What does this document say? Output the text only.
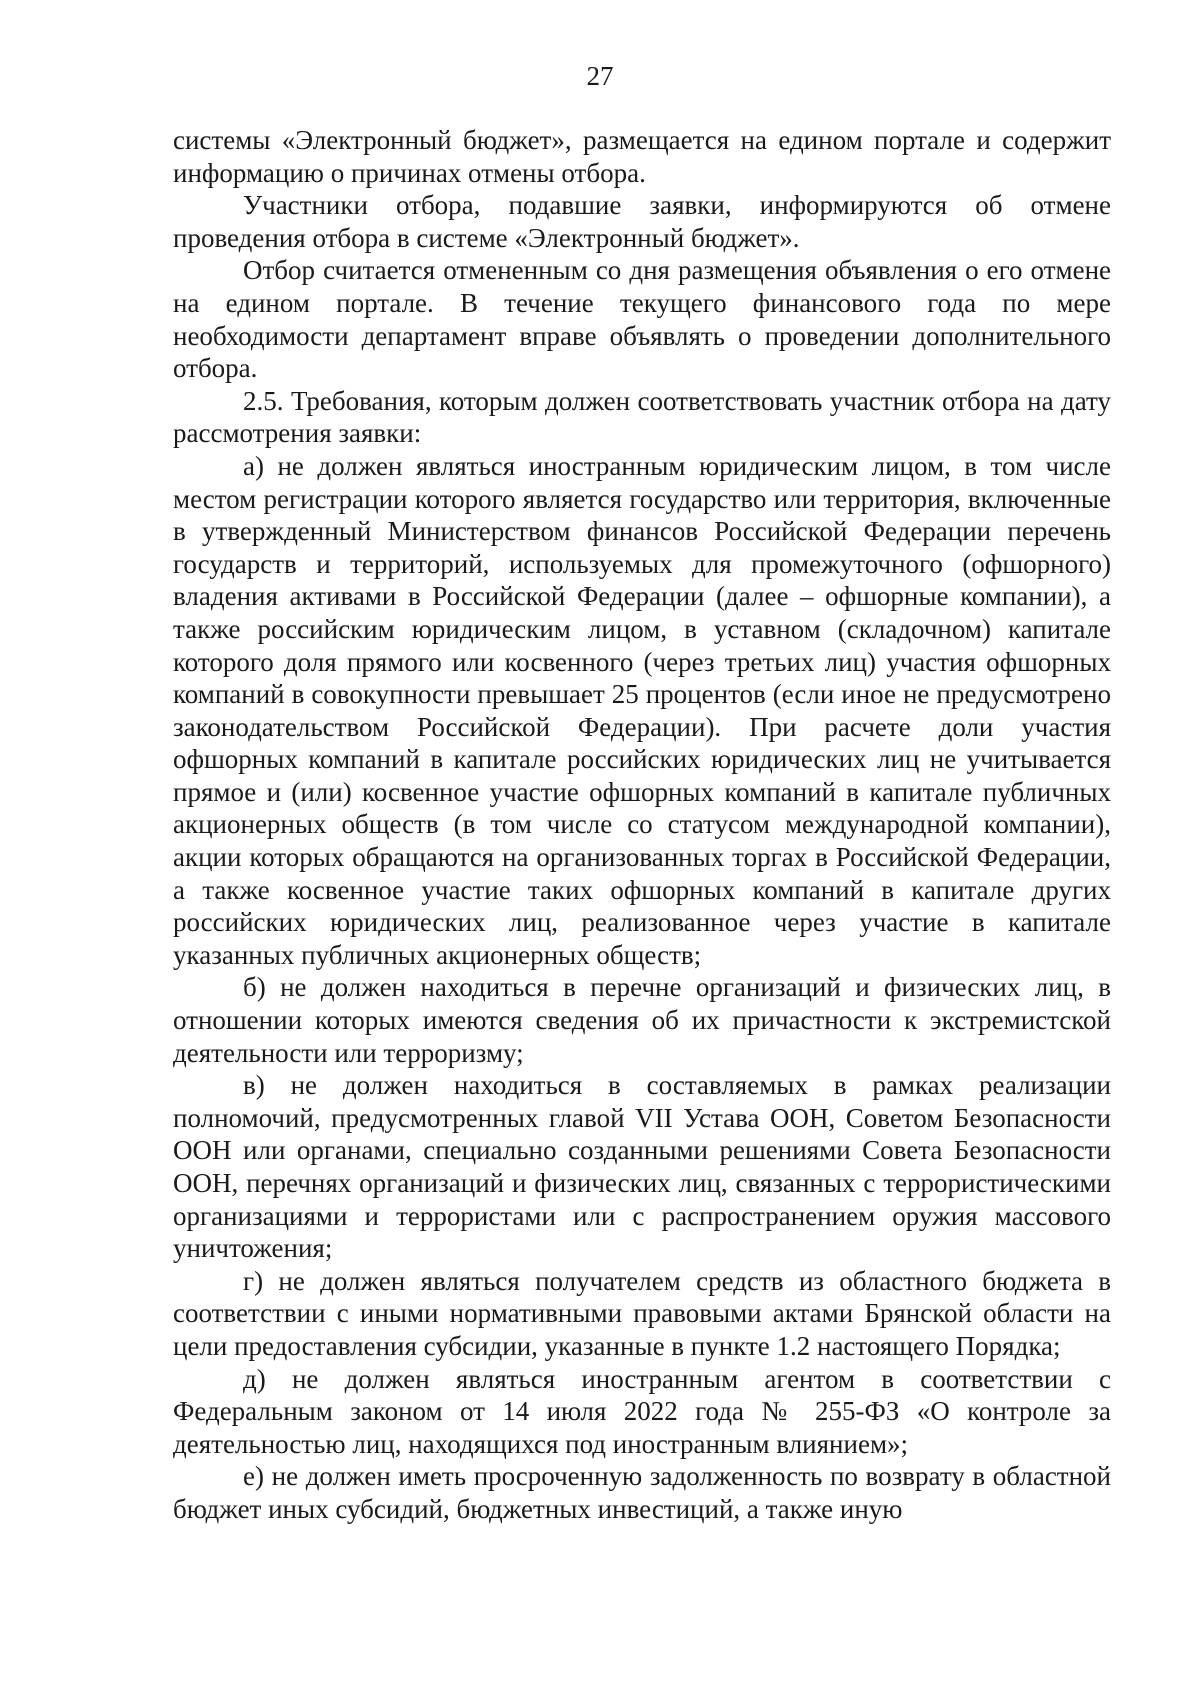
27

системы «Электронный бюджет», размещается на едином портале и содержит информацию о причинах отмены отбора.

Участники отбора, подавшие заявки, информируются об отмене проведения отбора в системе «Электронный бюджет».

Отбор считается отмененным со дня размещения объявления о его отмене на едином портале. В течение текущего финансового года по мере необходимости департамент вправе объявлять о проведении дополнительного отбора.

2.5. Требования, которым должен соответствовать участник отбора на дату рассмотрения заявки:

а) не должен являться иностранным юридическим лицом, в том числе местом регистрации которого является государство или территория, включенные в утвержденный Министерством финансов Российской Федерации перечень государств и территорий, используемых для промежуточного (офшорного) владения активами в Российской Федерации (далее – офшорные компании), а также российским юридическим лицом, в уставном (складочном) капитале которого доля прямого или косвенного (через третьих лиц) участия офшорных компаний в совокупности превышает 25 процентов (если иное не предусмотрено законодательством Российской Федерации). При расчете доли участия офшорных компаний в капитале российских юридических лиц не учитывается прямое и (или) косвенное участие офшорных компаний в капитале публичных акционерных обществ (в том числе со статусом международной компании), акции которых обращаются на организованных торгах в Российской Федерации, а также косвенное участие таких офшорных компаний в капитале других российских юридических лиц, реализованное через участие в капитале указанных публичных акционерных обществ;

б) не должен находиться в перечне организаций и физических лиц, в отношении которых имеются сведения об их причастности к экстремистской деятельности или терроризму;

в) не должен находиться в составляемых в рамках реализации полномочий, предусмотренных главой VII Устава ООН, Советом Безопасности ООН или органами, специально созданными решениями Совета Безопасности ООН, перечнях организаций и физических лиц, связанных с террористическими организациями и террористами или с распространением оружия массового уничтожения;

г) не должен являться получателем средств из областного бюджета в соответствии с иными нормативными правовыми актами Брянской области на цели предоставления субсидии, указанные в пункте 1.2 настоящего Порядка;

д) не должен являться иностранным агентом в соответствии с Федеральным законом от 14 июля 2022 года № 255-ФЗ «О контроле за деятельностью лиц, находящихся под иностранным влиянием»;

е) не должен иметь просроченную задолженность по возврату в областной бюджет иных субсидий, бюджетных инвестиций, а также иную
